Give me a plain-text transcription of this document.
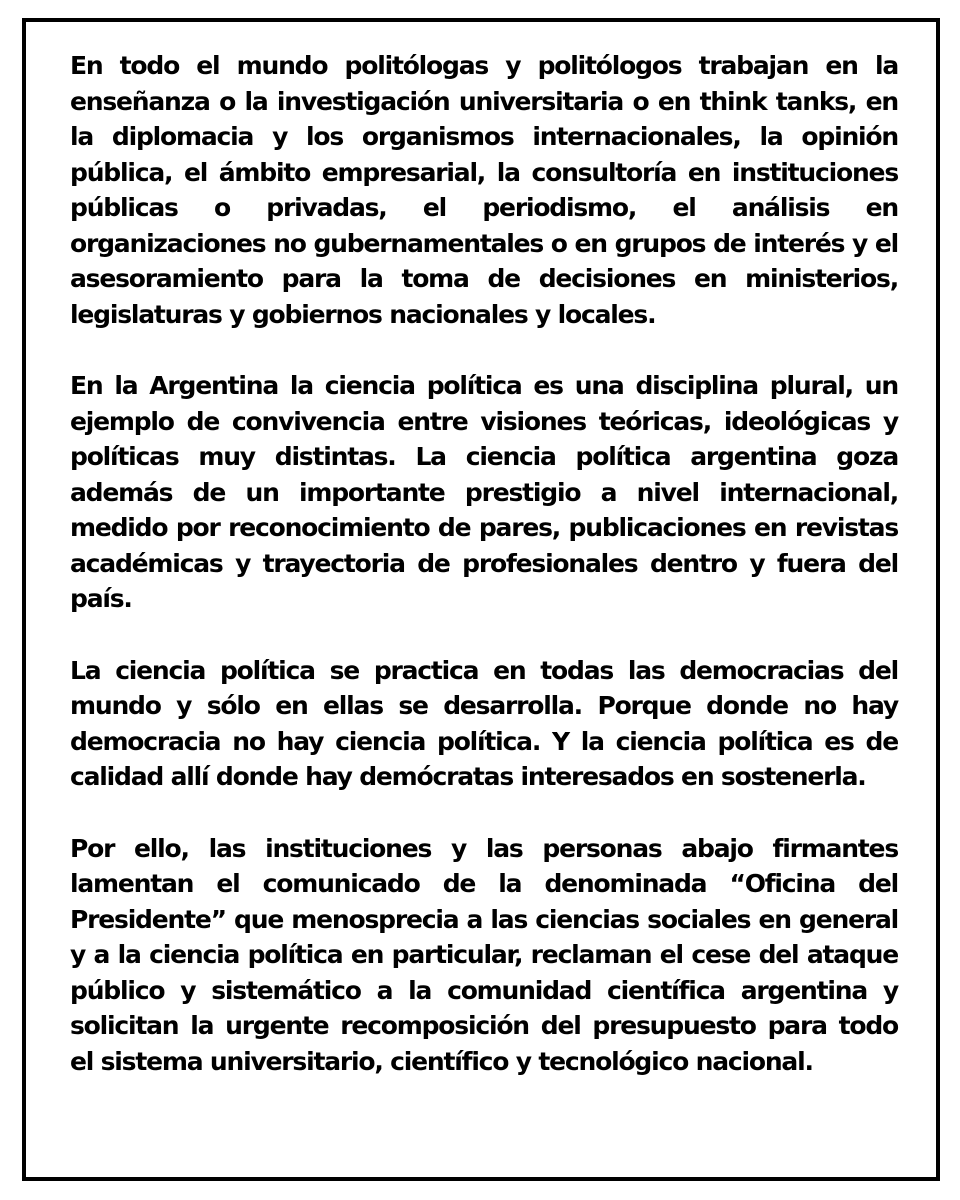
En todo el mundo politólogas y politólogos trabajan en la enseñanza o la investigación universitaria o en think tanks, en la diplomacia y los organismos internacionales, la opinión pública, el ámbito empresarial, la consultoría en instituciones públicas o privadas, el periodismo, el análisis en organizaciones no gubernamentales o en grupos de interés y el asesoramiento para la toma de decisiones en ministerios, legislaturas y gobiernos nacionales y locales.

En la Argentina la ciencia política es una disciplina plural, un ejemplo de convivencia entre visiones teóricas, ideológicas y políticas muy distintas. La ciencia política argentina goza además de un importante prestigio a nivel internacional, medido por reconocimiento de pares, publicaciones en revistas académicas y trayectoria de profesionales dentro y fuera del país.

La ciencia política se practica en todas las democracias del mundo y sólo en ellas se desarrolla. Porque donde no hay democracia no hay ciencia política. Y la ciencia política es de calidad allí donde hay demócratas interesados en sostenerla.

Por ello, las instituciones y las personas abajo firmantes lamentan el comunicado de la denominada “Oficina del Presidente” que menosprecia a las ciencias sociales en general y a la ciencia política en particular, reclaman el cese del ataque público y sistemático a la comunidad científica argentina y solicitan la urgente recomposición del presupuesto para todo el sistema universitario, científico y tecnológico nacional.
